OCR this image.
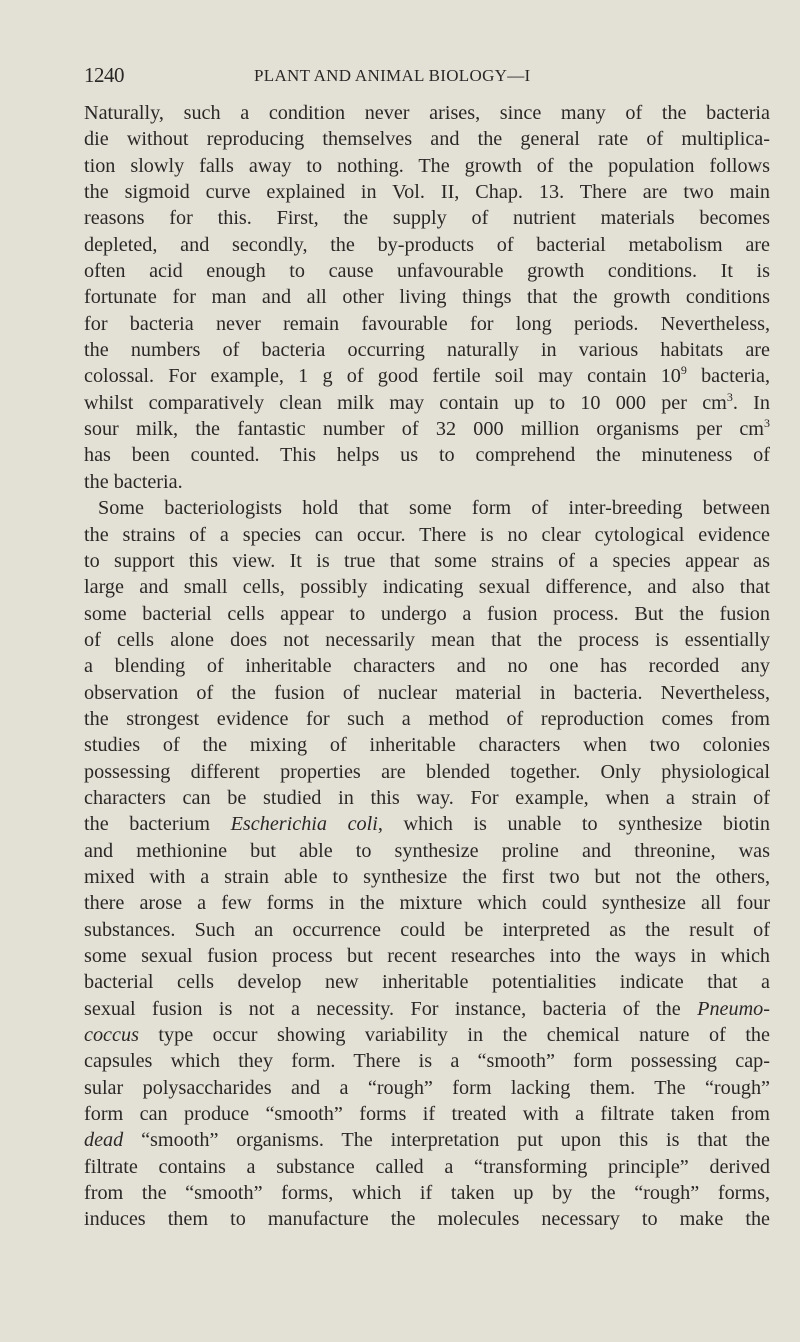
1240	PLANT AND ANIMAL BIOLOGY—I
Naturally, such a condition never arises, since many of the bacteria
die without reproducing themselves and the general rate of multiplica-
tion slowly falls away to nothing. The growth of the population follows
the sigmoid curve explained in Vol. II, Chap. 13. There are two main
reasons for this. First, the supply of nutrient materials becomes
depleted, and secondly, the by-products of bacterial metabolism are
often acid enough to cause unfavourable growth conditions. It is
fortunate for man and all other living things that the growth conditions
for bacteria never remain favourable for long periods. Nevertheless,
the numbers of bacteria occurring naturally in various habitats are
colossal. For example, 1 g of good fertile soil may contain $10^9$ bacteria,
whilst comparatively clean milk may contain up to 10 000 per $cm^3$. In
sour milk, the fantastic number of 32 000 million organisms per $cm^3$
has been counted. This helps us to comprehend the minuteness of
the bacteria.
Some bacteriologists hold that some form of inter-breeding between
the strains of a species can occur. There is no clear cytological evidence
to support this view. It is true that some strains of a species appear as
large and small cells, possibly indicating sexual difference, and also that
some bacterial cells appear to undergo a fusion process. But the fusion
of cells alone does not necessarily mean that the process is essentially
a blending of inheritable characters and no one has recorded any
observation of the fusion of nuclear material in bacteria. Nevertheless,
the strongest evidence for such a method of reproduction comes from
studies of the mixing of inheritable characters when two colonies
possessing different properties are blended together. Only physiological
characters can be studied in this way. For example, when a strain of
the bacterium Escherichia coli, which is unable to synthesize biotin
and methionine but able to synthesize proline and threonine, was
mixed with a strain able to synthesize the first two but not the others,
there arose a few forms in the mixture which could synthesize all four
substances. Such an occurrence could be interpreted as the result of
some sexual fusion process but recent researches into the ways in which
bacterial cells develop new inheritable potentialities indicate that a
sexual fusion is not a necessity. For instance, bacteria of the Pneumo-
coccus type occur showing variability in the chemical nature of the
capsules which they form. There is a “smooth” form possessing cap-
sular polysaccharides and a “rough” form lacking them. The “rough”
form can produce “smooth” forms if treated with a filtrate taken from
dead “smooth” organisms. The interpretation put upon this is that the
filtrate contains a substance called a “transforming principle” derived
from the “smooth” forms, which if taken up by the “rough” forms,
induces them to manufacture the molecules necessary to make the
